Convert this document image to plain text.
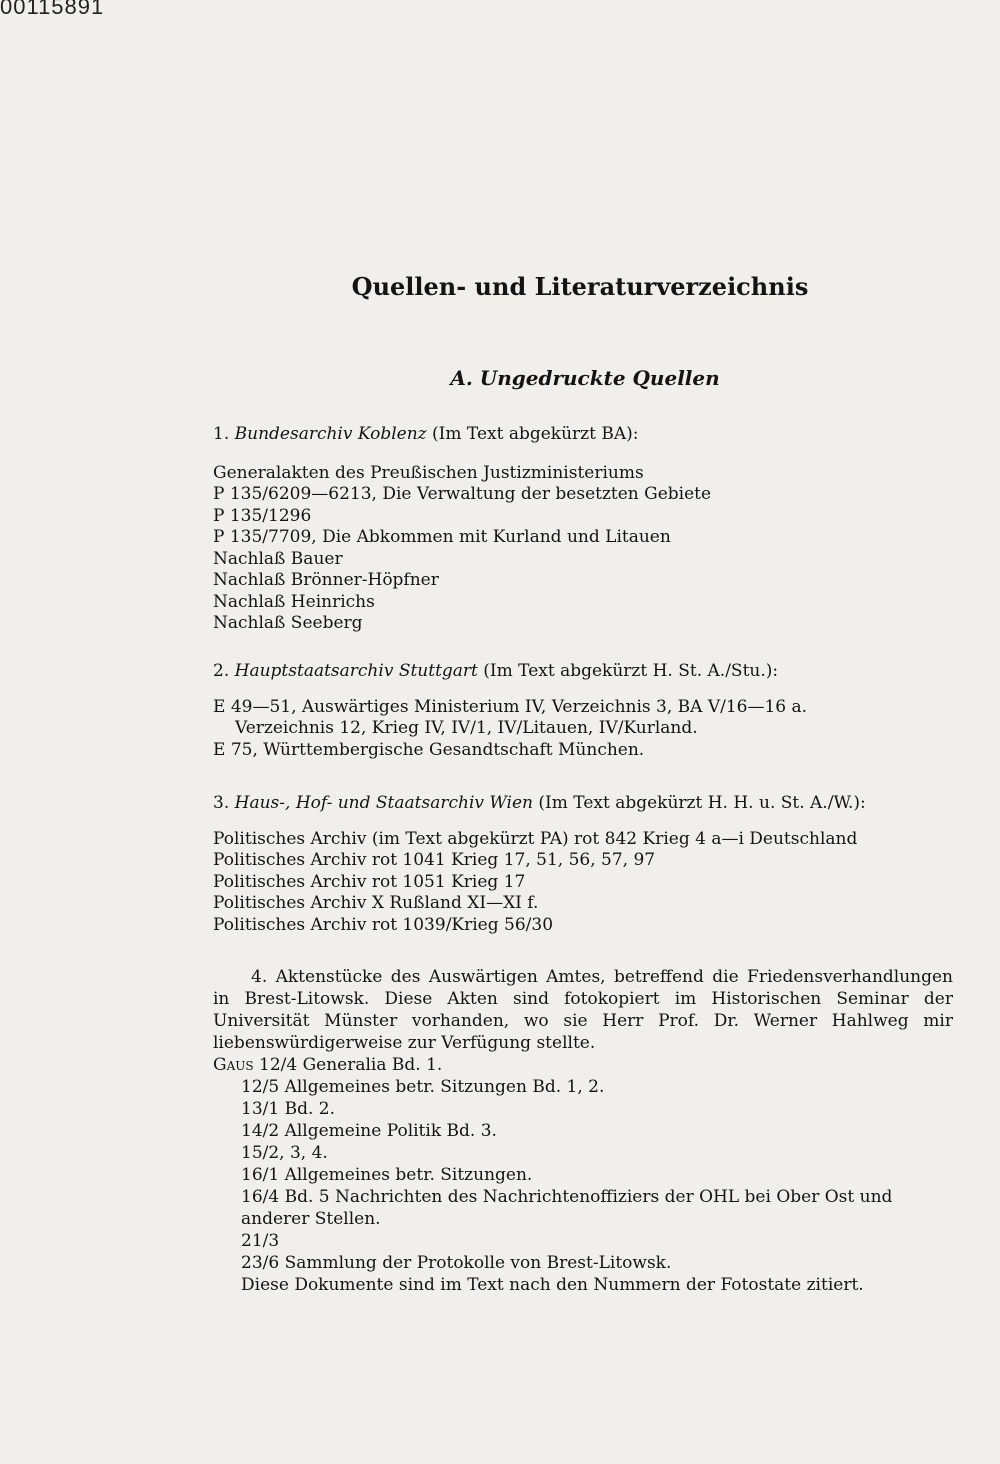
00115891
Quellen- und Literaturverzeichnis
A. Ungedruckte Quellen

1. Bundesarchiv Koblenz (Im Text abgekürzt BA):

Generalakten des Preußischen Justizministeriums

P 135/6209—6213, Die Verwaltung der besetzten Gebiete

P 135/1296

P 135/7709, Die Abkommen mit Kurland und Litauen

Nachlaß Bauer

Nachlaß Brönner-Höpfner

Nachlaß Heinrichs

Nachlaß Seeberg

2. Hauptstaatsarchiv Stuttgart (Im Text abgekürzt H. St. A./Stu.):

E 49—51, Auswärtiges Ministerium IV, Verzeichnis 3, BA V/16—16 a.

Verzeichnis 12, Krieg IV, IV/1, IV/Litauen, IV/Kurland.

E 75, Württembergische Gesandtschaft München.

3. Haus-, Hof- und Staatsarchiv Wien (Im Text abgekürzt H. H. u. St. A./W.):

Politisches Archiv (im Text abgekürzt PA) rot 842 Krieg 4 a—i Deutschland

Politisches Archiv rot 1041 Krieg 17, 51, 56, 57, 97

Politisches Archiv rot 1051 Krieg 17

Politisches Archiv X Rußland XI—XI f.

Politisches Archiv rot 1039/Krieg 56/30

4. Aktenstücke des Auswärtigen Amtes, betreffend die Friedensverhandlungen in Brest-Litowsk. Diese Akten sind fotokopiert im Historischen Seminar der Universität Münster vorhanden, wo sie Herr Prof. Dr. Werner Hahlweg mir liebenswürdigerweise zur Verfügung stellte.

Gaus 12/4 Generalia Bd. 1.

12/5 Allgemeines betr. Sitzungen Bd. 1, 2.

13/1 Bd. 2.

14/2 Allgemeine Politik Bd. 3.

15/2, 3, 4.

16/1 Allgemeines betr. Sitzungen.

16/4 Bd. 5 Nachrichten des Nachrichtenoffiziers der OHL bei Ober Ost und anderer Stellen.

21/3

23/6 Sammlung der Protokolle von Brest-Litowsk.

Diese Dokumente sind im Text nach den Nummern der Fotostate zitiert.
